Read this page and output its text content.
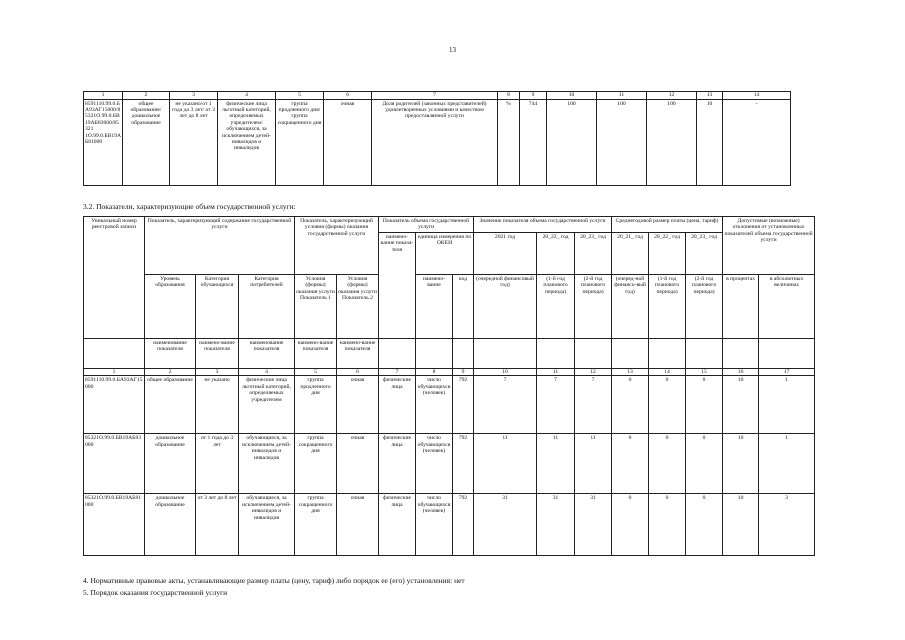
13
1	2	3	4	5	6	7	8	9	10	11	12	13	14
8591110.99.0.БА93АГ15000/85321О.99.0.БВ19АБ83000/85321 1О.99.0.БВ19АБ81000	общее образование/ дошкольное образование	не указано/от 1 года до 3 лет/ от 3 лет до 8 лет	физические лица льготный категорий, определяемых учредителем/ обучающихся, за исключением детей-инвалидов и инвалидов	группа продленного дня/ группа сокращенного дня	очная	Доля родителей (законных представителей) удовлетворенных условиями и качеством предоставляемой услуги	%	744	100	100	100	10	-
3.2. Показатели, характеризующие объем государственной услуги:
Уникальный номер реестровой записи	Показатель, характеризующий содержание государственной услуги			Показатель, характеризующий условия (формы) оказания государственной услуги		Показатель объема государственной услуги			Значение показателя объема государственной услуги			Среднегодовой размер платы (цена, тариф)			Допустимые (возможные) отклонения от установленных показателей объема государственной услуги	
						наимено-вание показа-теля	единица измерения по ОКЕИ		2021 год	20_22_ год	20_23_ год	20_21_ год	20_22_ год	20_23_ год		

	Уровень образования	Категория обучающихся	Категория потребителей	Условия (формы) оказания услуги Показатель 1	Условия (формы) оказания услуги Показатель 2		наимено-вание	код	(очередной финансовый год)	(1-й год планового периода)	(2-й год планового периода)	(очеред-ной финансо-вый год)	(1-й год планового периода)	(2-й год планового периода)	в процентах	в абсолютных величинах
	наименование показателя	наимено-вание показателя	наименование показателя	наимено-вание показателя	наимено-вание показателя											
1	2	3	4	5	6	7	8	9	10	11	12	13	14	15	16	17
8591110.99.0.БА93АГ15000	общее образование	не указано	физические лица льготный категорий, определяемых учредителем	группа продленного дня	очная	физические лица	число обучающихся (человек)	792	7	7	7	0	0	0	10	1
85321О.99.0.БВ19АБ83000	дошкольное образование	от 1 года до 3 лет	обучающиеся, за исключением детей-инвалидов и инвалидов	группа сокращенного дня	очная	физические лица	число обучающихся (человек)	792	11	11	11	0	0	0	10	1
85321О.99.0.БВ19АБ81000	дошкольное образование	от 3 лет до 8 лет	обучающиеся, за исключением детей-инвалидов и инвалидов	группа сокращенного дня	очная	физические лица	число обучающихся (человек)	792	31	31	31	0	0	0	10	3
4. Нормативные правовые акты, устанавливающие размер платы (цену, тариф) либо порядок ее (его) установления: нет
5. Порядок оказания государственной услуги
